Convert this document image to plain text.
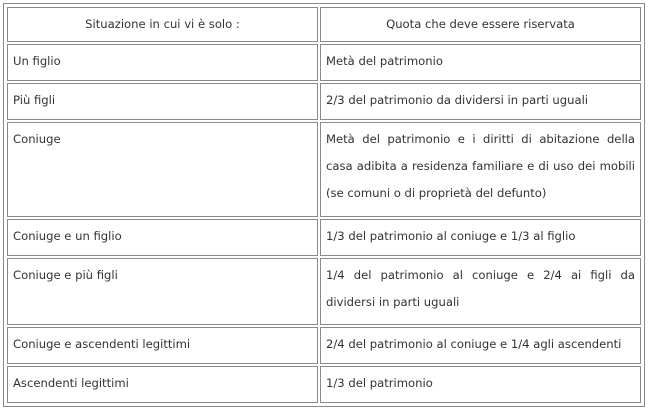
Situazione in cui vi è solo :	Quota che deve essere riservata
Un figlio	Metà del patrimonio
Più figli	2/3 del patrimonio da dividersi in parti uguali
Coniuge	Metà del patrimonio e i diritti di abitazione della casa adibita a residenza familiare e di uso dei mobili (se comuni o di proprietà del defunto)
Coniuge e un figlio	1/3 del patrimonio al coniuge e 1/3 al figlio
Coniuge e più figli	1/4 del patrimonio al coniuge e 2/4 ai figli da dividersi in parti uguali
Coniuge e ascendenti legittimi	2/4 del patrimonio al coniuge e 1/4 agli ascendenti
Ascendenti legittimi	1/3 del patrimonio
